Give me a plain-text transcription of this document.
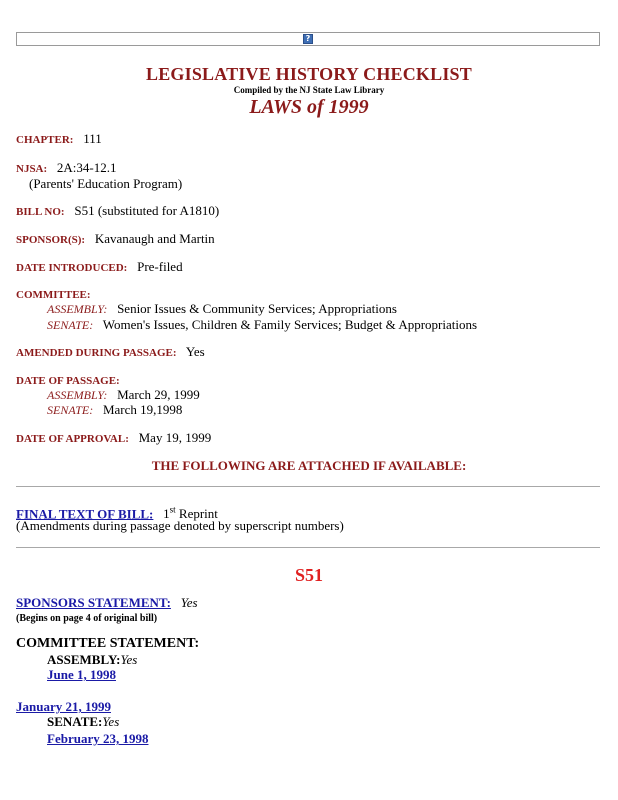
?
LEGISLATIVE HISTORY CHECKLIST
Compiled by the NJ State Law Library
LAWS of 1999
CHAPTER: 111
NJSA: 2A:34-12.1
(Parents' Education Program)
BILL NO: S51 (substituted for A1810)
SPONSOR(S): Kavanaugh and Martin
DATE INTRODUCED: Pre-filed
COMMITTEE:
ASSEMBLY: Senior Issues & Community Services; Appropriations
SENATE: Women's Issues, Children & Family Services; Budget & Appropriations
AMENDED DURING PASSAGE: Yes
DATE OF PASSAGE:
ASSEMBLY: March 29, 1999
SENATE: March 19,1998
DATE OF APPROVAL: May 19, 1999
THE FOLLOWING ARE ATTACHED IF AVAILABLE:
FINAL TEXT OF BILL: 1st Reprint
(Amendments during passage denoted by superscript numbers)
S51
SPONSORS STATEMENT: Yes
(Begins on page 4 of original bill)
COMMITTEE STATEMENT:
ASSEMBLY:Yes
June 1, 1998
January 21, 1999
SENATE:Yes
February 23, 1998
